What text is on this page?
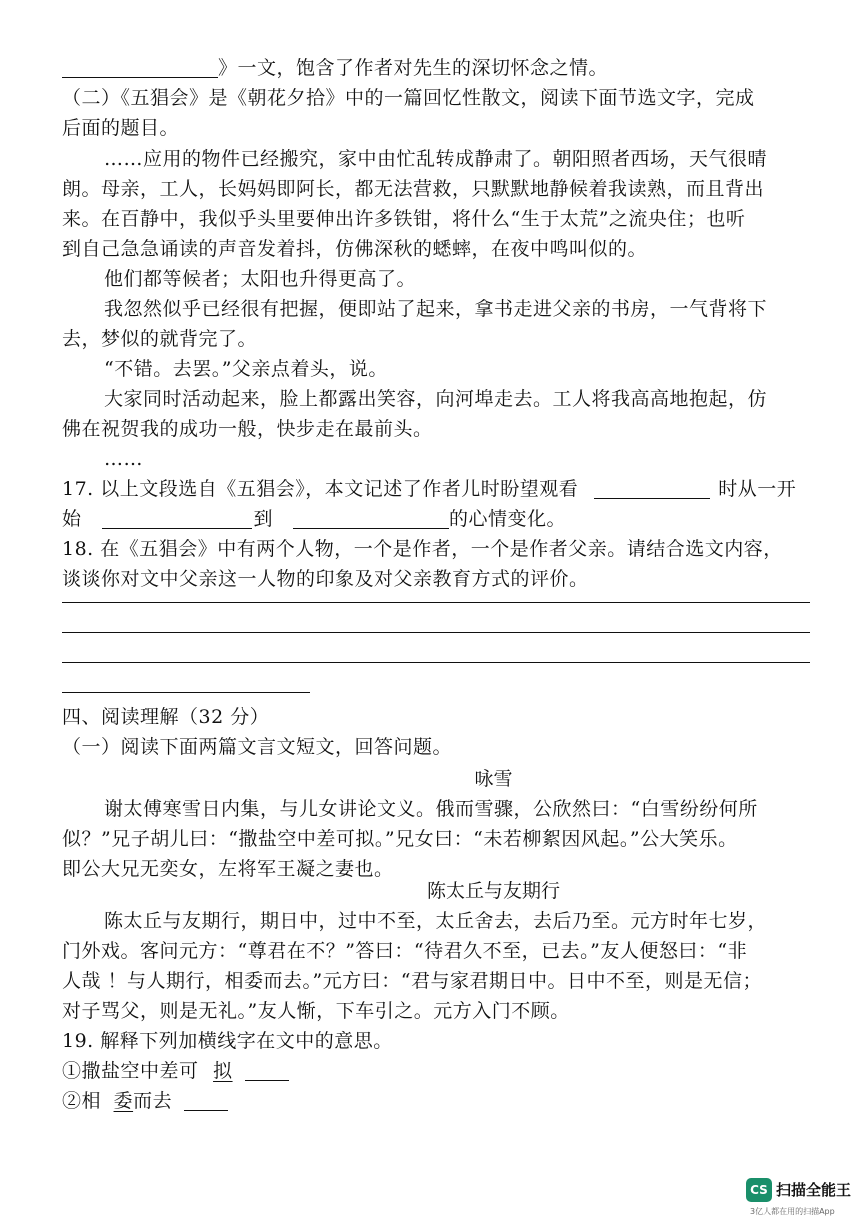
》一文，饱含了作者对先生的深切怀念之情。
（二）《五猖会》是《朝花夕拾》中的一篇回忆性散文，阅读下面节选文字，完成
后面的题目。
……应用的物件已经搬究，家中由忙乱转成静肃了。朝阳照者西场，天气很晴
朗。母亲，工人，长妈妈即阿长，都无法营救，只默默地静候着我读熟，而且背出
来。在百静中，我似乎头里要伸出许多铁钳，将什么“生于太荒”之流央住；也听
到自己急急诵读的声音发着抖，仿佛深秋的蟋蟀，在夜中鸣叫似的。
他们都等候者；太阳也升得更高了。
我忽然似乎已经很有把握，便即站了起来，拿书走进父亲的书房，一气背将下
去，梦似的就背完了。
“不错。去罢。”父亲点着头，说。
大家同时活动起来，脸上都露出笑容，向河埠走去。工人将我高高地抱起，仿
佛在祝贺我的成功一般，快步走在最前头。
……
17. 以上文段选自《五猖会》，本文记述了作者儿时盼望观看	时从一开
始	到	的心情变化。
18. 在《五猖会》中有两个人物，一个是作者，一个是作者父亲。请结合选文内容，
谈谈你对文中父亲这一人物的印象及对父亲教育方式的评价。
四、阅读理解（32 分）
（一）阅读下面两篇文言文短文，回答问题。
咏雪
谢太傅寒雪日内集，与儿女讲论文义。俄而雪骤，公欣然曰：“白雪纷纷何所
似？”兄子胡儿曰：“撒盐空中差可拟。”兄女曰：“未若柳絮因风起。”公大笑乐。
即公大兄无奕女，左将军王凝之妻也。
陈太丘与友期行
陈太丘与友期行，期日中，过中不至，太丘舍去，去后乃至。元方时年七岁，
门外戏。客问元方：“尊君在不？”答曰：“待君久不至，已去。”友人便怒曰：“非
人哉 ！与人期行，相委而去。”元方曰：“君与家君期日中。日中不至，则是无信；
对子骂父，则是无礼。”友人惭，下车引之。元方入门不顾。
19. 解释下列加横线字在文中的意思。
①撒盐空中差可 拟
②相 委而去
CS 扫描全能王
3亿人都在用的扫描App
